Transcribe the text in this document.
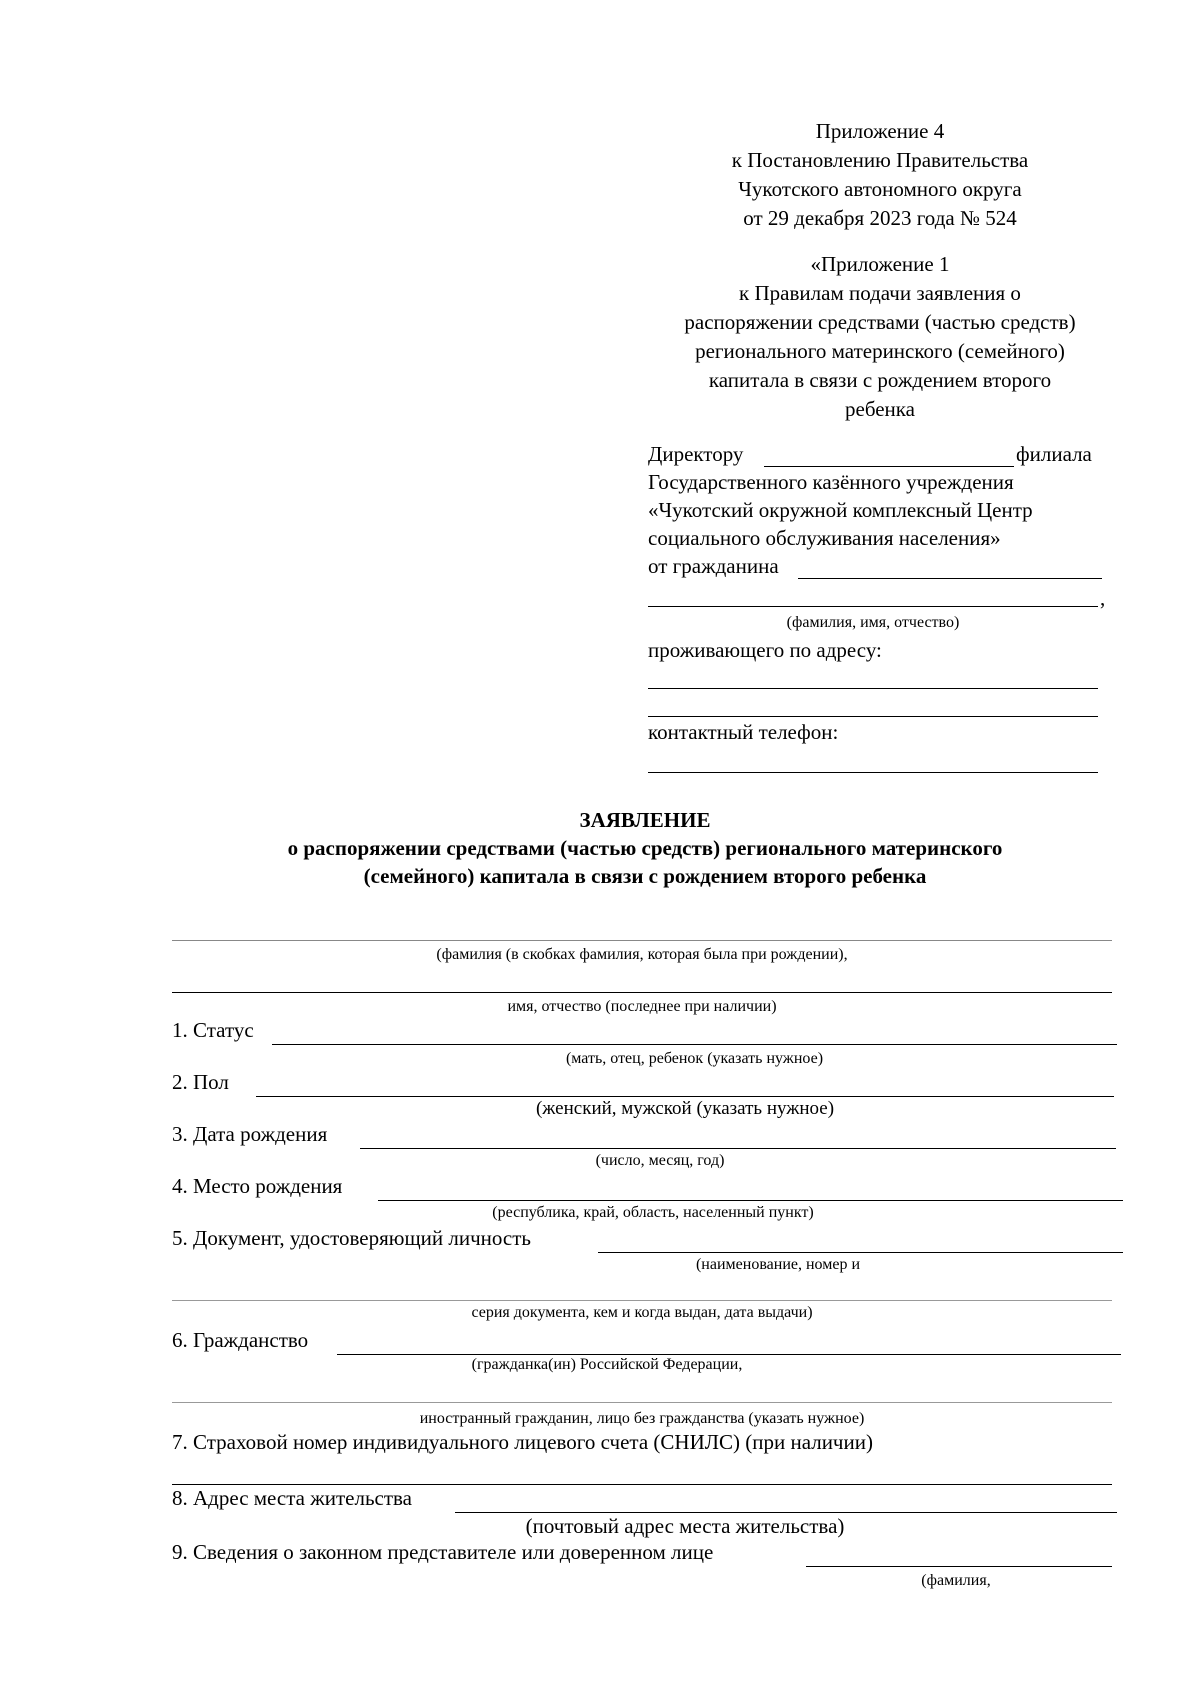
Приложение 4
к Постановлению Правительства
Чукотского автономного округа
от 29 декабря 2023 года № 524
«Приложение 1
к Правилам подачи заявления о
распоряжении средствами (частью средств)
регионального материнского (семейного)
капитала в связи с рождением второго
ребенка
Директору	филиала
Государственного казённого учреждения
«Чукотский окружной комплексный Центр
социального обслуживания населения»
от гражданина
,
(фамилия, имя, отчество)
проживающего по адресу:
контактный телефон:
ЗАЯВЛЕНИЕ
о распоряжении средствами (частью средств) регионального материнского
(семейного) капитала в связи с рождением второго ребенка
(фамилия (в скобках фамилия, которая была при рождении),
имя, отчество (последнее при наличии)
1. Статус
(мать, отец, ребенок (указать нужное)
2. Пол
(женский, мужской (указать нужное)
3. Дата рождения
(число, месяц, год)
4. Место рождения
(республика, край, область, населенный пункт)
5. Документ, удостоверяющий личность
(наименование, номер и
серия документа, кем и когда выдан, дата выдачи)
6. Гражданство
(гражданка(ин) Российской Федерации,
иностранный гражданин, лицо без гражданства (указать нужное)
7. Страховой номер индивидуального лицевого счета (СНИЛС) (при наличии)
8. Адрес места жительства
(почтовый адрес места жительства)
9. Сведения о законном представителе или доверенном лице
(фамилия,
